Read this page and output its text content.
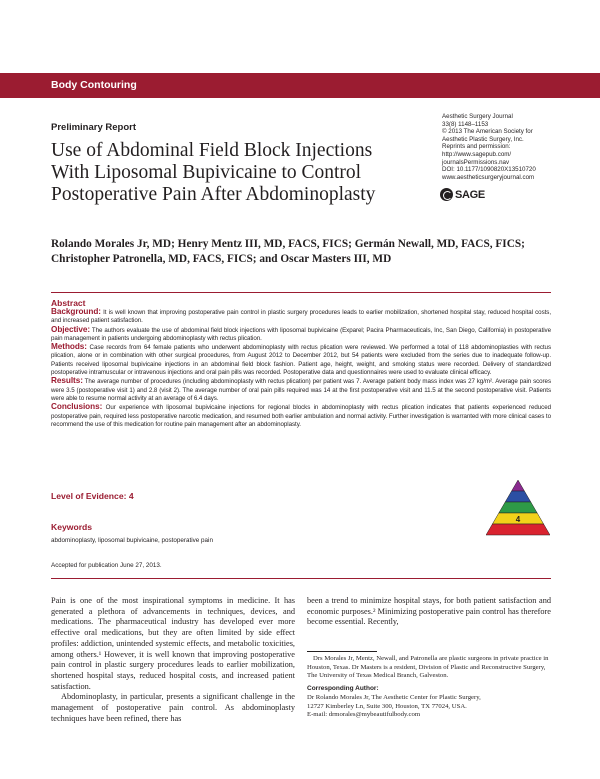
Body Contouring
Preliminary Report
Use of Abdominal Field Block Injections With Liposomal Bupivicaine to Control Postoperative Pain After Abdominoplasty
Aesthetic Surgery Journal
33(8) 1148–1153
© 2013 The American Society for
Aesthetic Plastic Surgery, Inc.
Reprints and permission:
http://www.sagepub.com/
journalsPermissions.nav
DOI: 10.1177/1090820X13510720
www.aestheticsurgeryjournal.com
SAGE
Rolando Morales Jr, MD; Henry Mentz III, MD, FACS, FICS; Germán Newall, MD, FACS, FICS; Christopher Patronella, MD, FACS, FICS; and Oscar Masters III, MD
Abstract

Background: It is well known that improving postoperative pain control in plastic surgery procedures leads to earlier mobilization, shortened hospital stay, reduced hospital costs, and increased patient satisfaction.

Objective: The authors evaluate the use of abdominal field block injections with liposomal bupivicaine (Exparel; Pacira Pharmaceuticals, Inc, San Diego, California) in postoperative pain management in patients undergoing abdominoplasty with rectus plication.

Methods: Case records from 64 female patients who underwent abdominoplasty with rectus plication were reviewed. We performed a total of 118 abdominoplasties with rectus plication, alone or in combination with other surgical procedures, from August 2012 to December 2012, but 54 patients were excluded from the series due to inadequate follow-up. Patients received liposomal bupivicaine injections in an abdominal field block fashion. Patient age, height, weight, and smoking status were recorded. Delivery of standardized postoperative intramuscular or intravenous injections and oral pain pills was recorded. Postoperative data and questionnaires were used to evaluate clinical efficacy.

Results: The average number of procedures (including abdominoplasty with rectus plication) per patient was 7. Average patient body mass index was 27 kg/m². Average pain scores were 3.5 (postoperative visit 1) and 2.8 (visit 2). The average number of oral pain pills required was 14 at the first postoperative visit and 11.5 at the second postoperative visit. Patients were able to resume normal activity at an average of 6.4 days.

Conclusions: Our experience with liposomal bupivicaine injections for regional blocks in abdominoplasty with rectus plication indicates that patients experienced reduced postoperative pain, required less postoperative narcotic medication, and resumed both earlier ambulation and normal activity. Further investigation is warranted with more clinical cases to recommend the use of this medication for routine pain management after an abdominoplasty.

Level of Evidence: 4
4
Keywords
abdominoplasty, liposomal bupivicaine, postoperative pain
Accepted for publication June 27, 2013.

Pain is one of the most inspirational symptoms in medicine. It has generated a plethora of advancements in techniques, devices, and medications. The pharmaceutical industry has developed ever more effective oral medications, but they are often limited by side effect profiles: addiction, unintended systemic effects, and metabolic toxicities, among others.¹ However, it is well known that improving postoperative pain control in plastic surgery procedures leads to earlier mobilization, shortened hospital stays, reduced hospital costs, and increased patient satisfaction.

Abdominoplasty, in particular, presents a significant challenge in the management of postoperative pain control. As abdominoplasty techniques have been refined, there has

been a trend to minimize hospital stays, for both patient satisfaction and economic purposes.² Minimizing postoperative pain control has therefore become essential. Recently,

Drs Morales Jr, Mentz, Newall, and Patronella are plastic surgeons in private practice in Houston, Texas. Dr Masters is a resident, Division of Plastic and Reconstructive Surgery, The University of Texas Medical Branch, Galveston.
Corresponding Author:
Dr Rolando Morales Jr, The Aesthetic Center for Plastic Surgery,
12727 Kimberley Ln, Suite 300, Houston, TX 77024, USA.
E-mail: drmorales@mybeautifulbody.com
